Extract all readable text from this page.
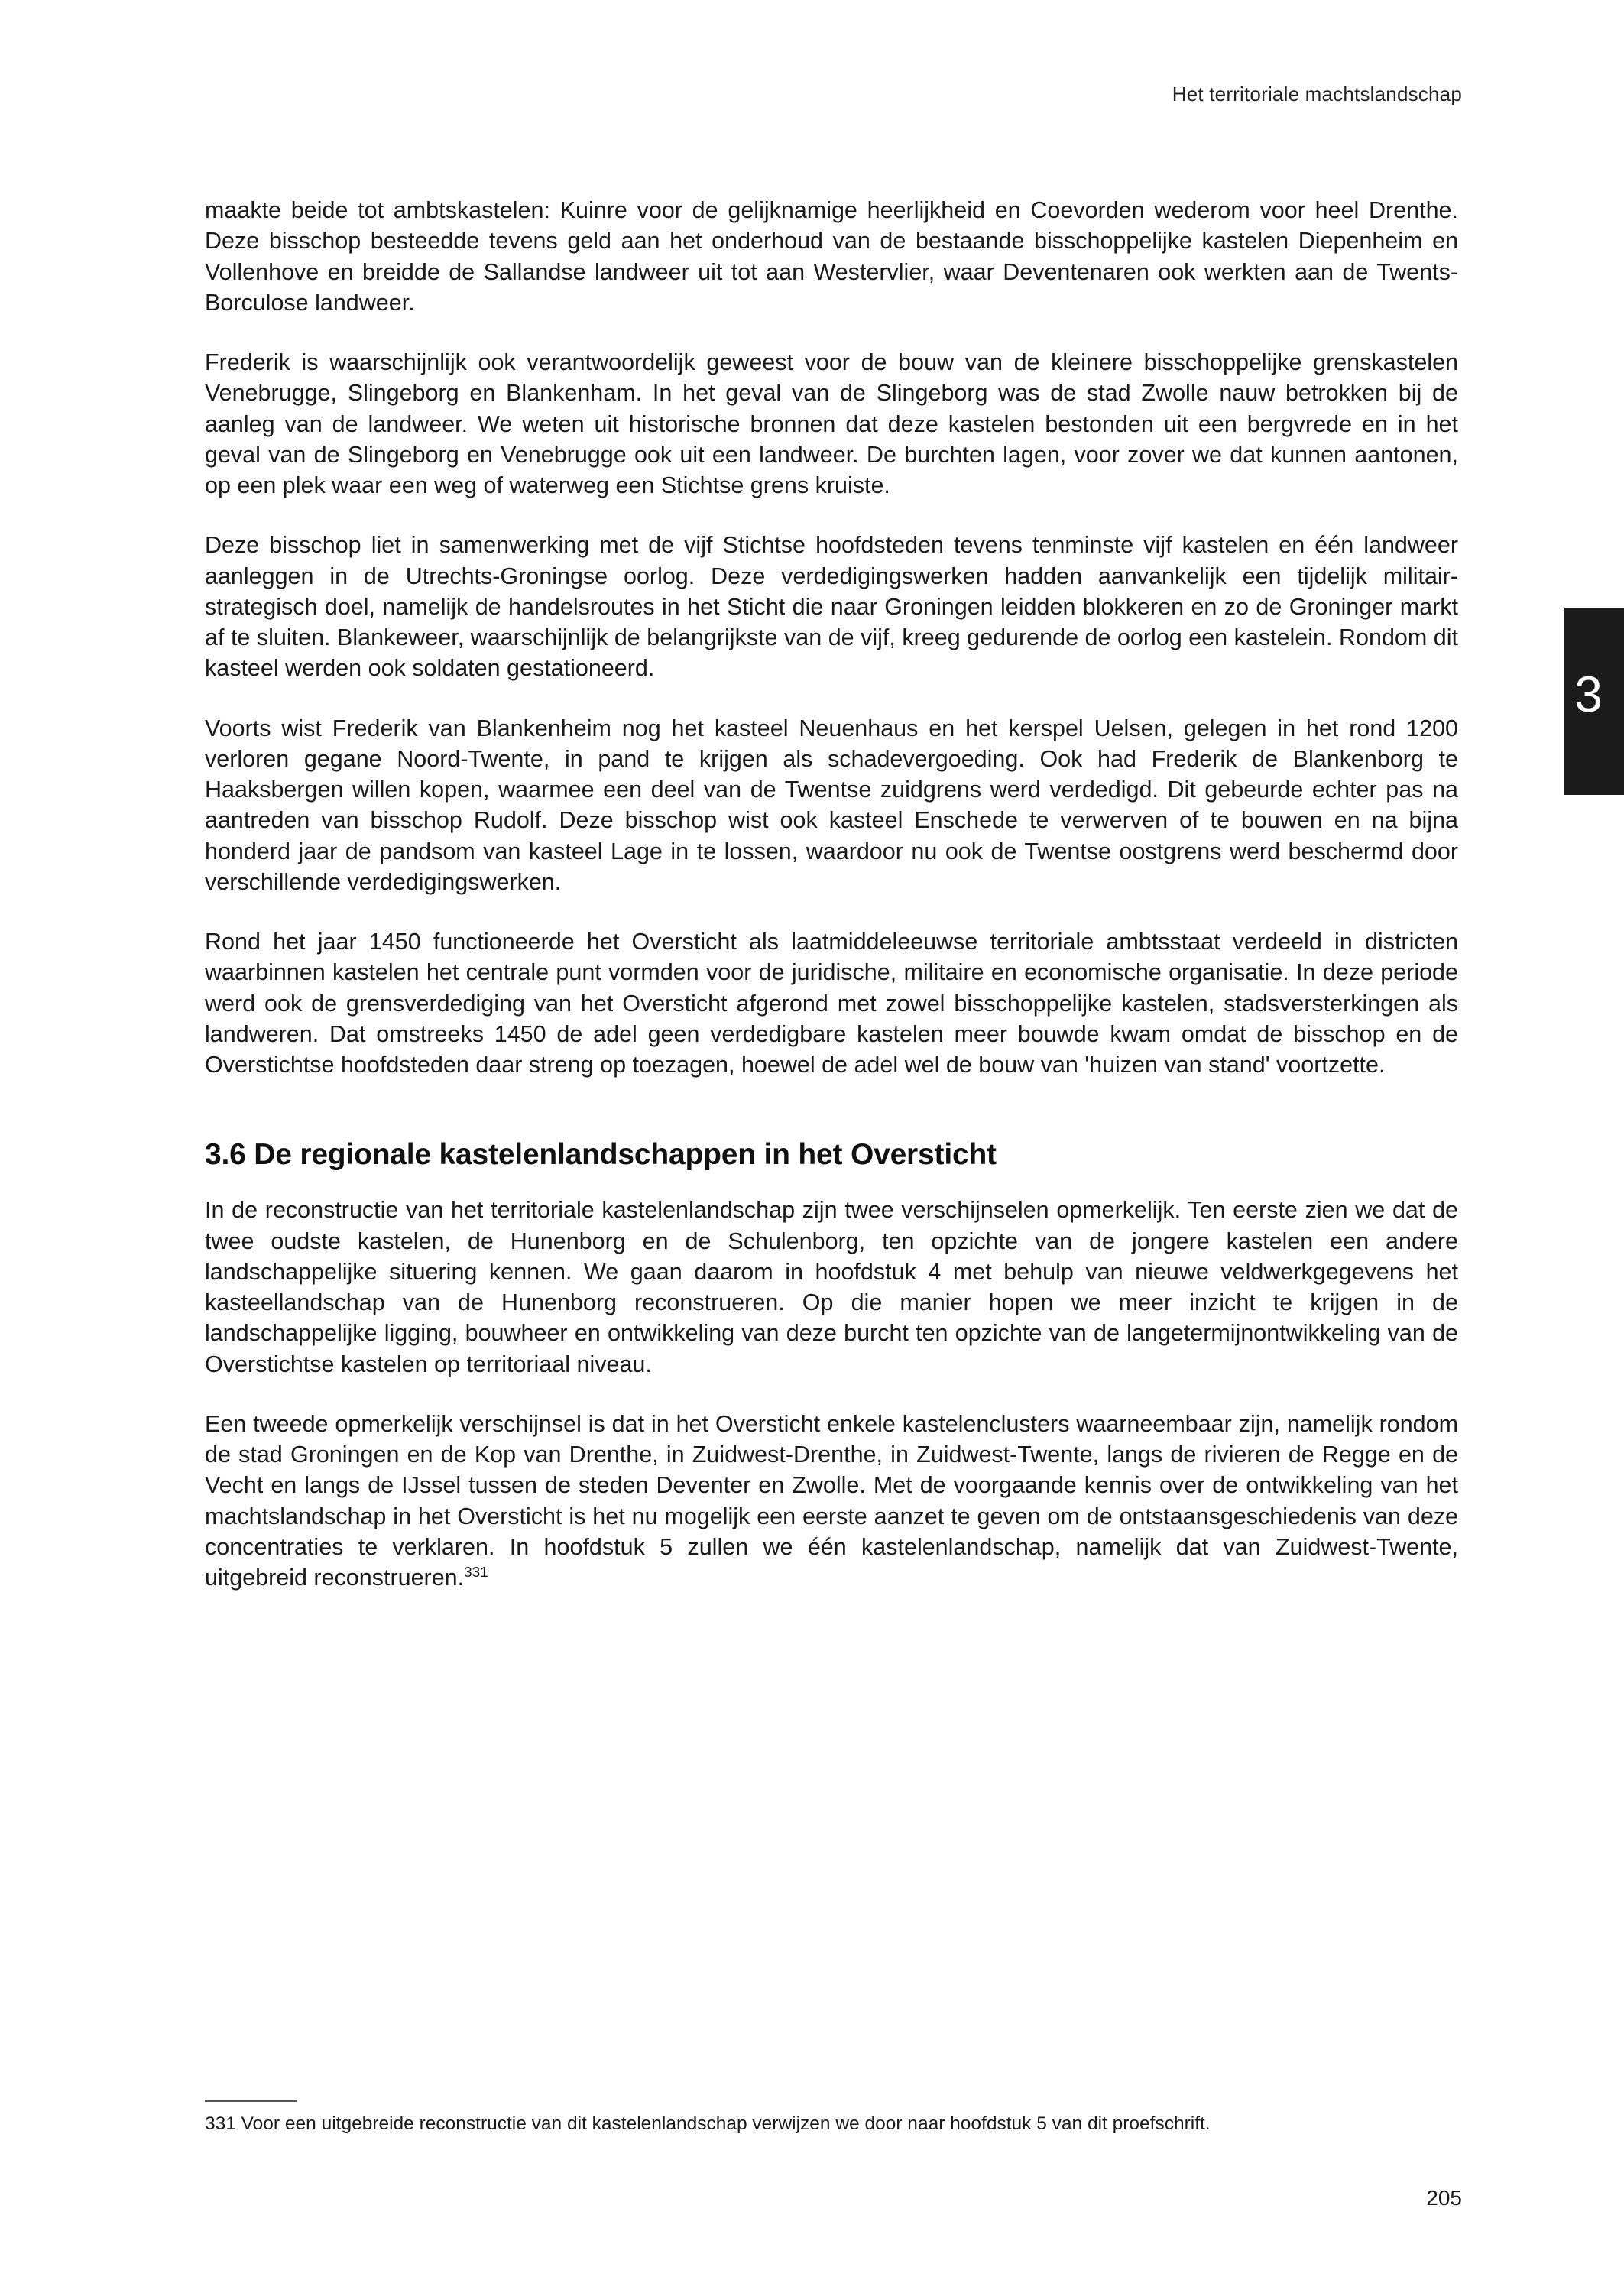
Het territoriale machtslandschap
3

maakte beide tot ambtskastelen: Kuinre voor de gelijknamige heerlijkheid en Coevorden wederom voor heel Drenthe. Deze bisschop besteedde tevens geld aan het onderhoud van de bestaande bisschoppelijke kastelen Diepenheim en Vollenhove en breidde de Sallandse landweer uit tot aan Westervlier, waar Deventenaren ook werkten aan de Twents-Borculose landweer.

Frederik is waarschijnlijk ook verantwoordelijk geweest voor de bouw van de kleinere bisschoppelijke grenskastelen Venebrugge, Slingeborg en Blankenham. In het geval van de Slingeborg was de stad Zwolle nauw betrokken bij de aanleg van de landweer. We weten uit historische bronnen dat deze kastelen bestonden uit een bergvrede en in het geval van de Slingeborg en Venebrugge ook uit een landweer. De burchten lagen, voor zover we dat kunnen aantonen, op een plek waar een weg of waterweg een Stichtse grens kruiste.

Deze bisschop liet in samenwerking met de vijf Stichtse hoofdsteden tevens tenminste vijf kastelen en één landweer aanleggen in de Utrechts-Groningse oorlog. Deze verdedigingswerken hadden aanvankelijk een tijdelijk militair-strategisch doel, namelijk de handelsroutes in het Sticht die naar Groningen leidden blokkeren en zo de Groninger markt af te sluiten. Blankeweer, waarschijnlijk de belangrijkste van de vijf, kreeg gedurende de oorlog een kastelein. Rondom dit kasteel werden ook soldaten gestationeerd.

Voorts wist Frederik van Blankenheim nog het kasteel Neuenhaus en het kerspel Uelsen, gelegen in het rond 1200 verloren gegane Noord-Twente, in pand te krijgen als schadevergoeding. Ook had Frederik de Blankenborg te Haaksbergen willen kopen, waarmee een deel van de Twentse zuidgrens werd verdedigd. Dit gebeurde echter pas na aantreden van bisschop Rudolf. Deze bisschop wist ook kasteel Enschede te verwerven of te bouwen en na bijna honderd jaar de pandsom van kasteel Lage in te lossen, waardoor nu ook de Twentse oostgrens werd beschermd door verschillende verdedigingswerken.

Rond het jaar 1450 functioneerde het Oversticht als laatmiddeleeuwse territoriale ambtsstaat verdeeld in districten waarbinnen kastelen het centrale punt vormden voor de juridische, militaire en economische organisatie. In deze periode werd ook de grensverdediging van het Oversticht afgerond met zowel bisschoppelijke kastelen, stadsversterkingen als landweren. Dat omstreeks 1450 de adel geen verdedigbare kastelen meer bouwde kwam omdat de bisschop en de Overstichtse hoofdsteden daar streng op toezagen, hoewel de adel wel de bouw van 'huizen van stand' voortzette.

3.6 De regionale kastelenlandschappen in het Oversticht

In de reconstructie van het territoriale kastelenlandschap zijn twee verschijnselen opmerkelijk. Ten eerste zien we dat de twee oudste kastelen, de Hunenborg en de Schulenborg, ten opzichte van de jongere kastelen een andere landschappelijke situering kennen. We gaan daarom in hoofdstuk 4 met behulp van nieuwe veldwerkgegevens het kasteellandschap van de Hunenborg reconstrueren. Op die manier hopen we meer inzicht te krijgen in de landschappelijke ligging, bouwheer en ontwikkeling van deze burcht ten opzichte van de langetermijnontwikkeling van de Overstichtse kastelen op territoriaal niveau.

Een tweede opmerkelijk verschijnsel is dat in het Oversticht enkele kastelenclusters waarneembaar zijn, namelijk rondom de stad Groningen en de Kop van Drenthe, in Zuidwest-Drenthe, in Zuidwest-Twente, langs de rivieren de Regge en de Vecht en langs de IJssel tussen de steden Deventer en Zwolle. Met de voorgaande kennis over de ontwikkeling van het machtslandschap in het Oversticht is het nu mogelijk een eerste aanzet te geven om de ontstaansgeschiedenis van deze concentraties te verklaren. In hoofdstuk 5 zullen we één kastelenlandschap, namelijk dat van Zuidwest-Twente, uitgebreid reconstrueren.$^{331}$

331 Voor een uitgebreide reconstructie van dit kastelenlandschap verwijzen we door naar hoofdstuk 5 van dit proefschrift.
205
